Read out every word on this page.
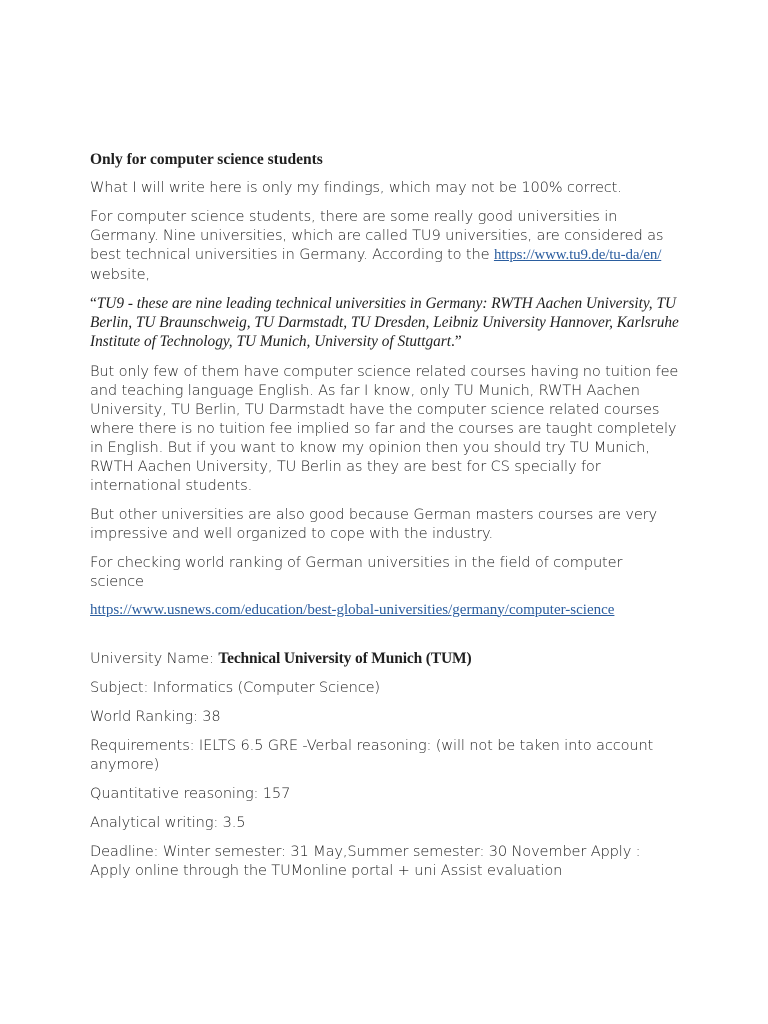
Only for computer science students

What I will write here is only my findings, which may not be 100% correct.

For computer science students, there are some really good universities in Germany. Nine universities, which are called TU9 universities, are considered as best technical universities in Germany. According to the https://www.tu9.de/tu-da/en/ website,

“TU9 - these are nine leading technical universities in Germany: RWTH Aachen University, TU Berlin, TU Braunschweig, TU Darmstadt, TU Dresden, Leibniz University Hannover, Karlsruhe Institute of Technology, TU Munich, University of Stuttgart.”

But only few of them have computer science related courses having no tuition fee and teaching language English. As far I know, only TU Munich, RWTH Aachen University, TU Berlin, TU Darmstadt have the computer science related courses where there is no tuition fee implied so far and the courses are taught completely in English. But if you want to know my opinion then you should try TU Munich, RWTH Aachen University, TU Berlin as they are best for CS specially for international students.

But other universities are also good because German masters courses are very impressive and well organized to cope with the industry.

For checking world ranking of German universities in the field of computer science

https://www.usnews.com/education/best-global-universities/germany/computer-science

University Name: Technical University of Munich (TUM)

Subject: Informatics (Computer Science)

World Ranking: 38

Requirements: IELTS 6.5 GRE -Verbal reasoning: (will not be taken into account anymore)

Quantitative reasoning: 157

Analytical writing: 3.5

Deadline: Winter semester: 31 May,Summer semester: 30 November Apply : Apply online through the TUMonline portal + uni Assist evaluation
